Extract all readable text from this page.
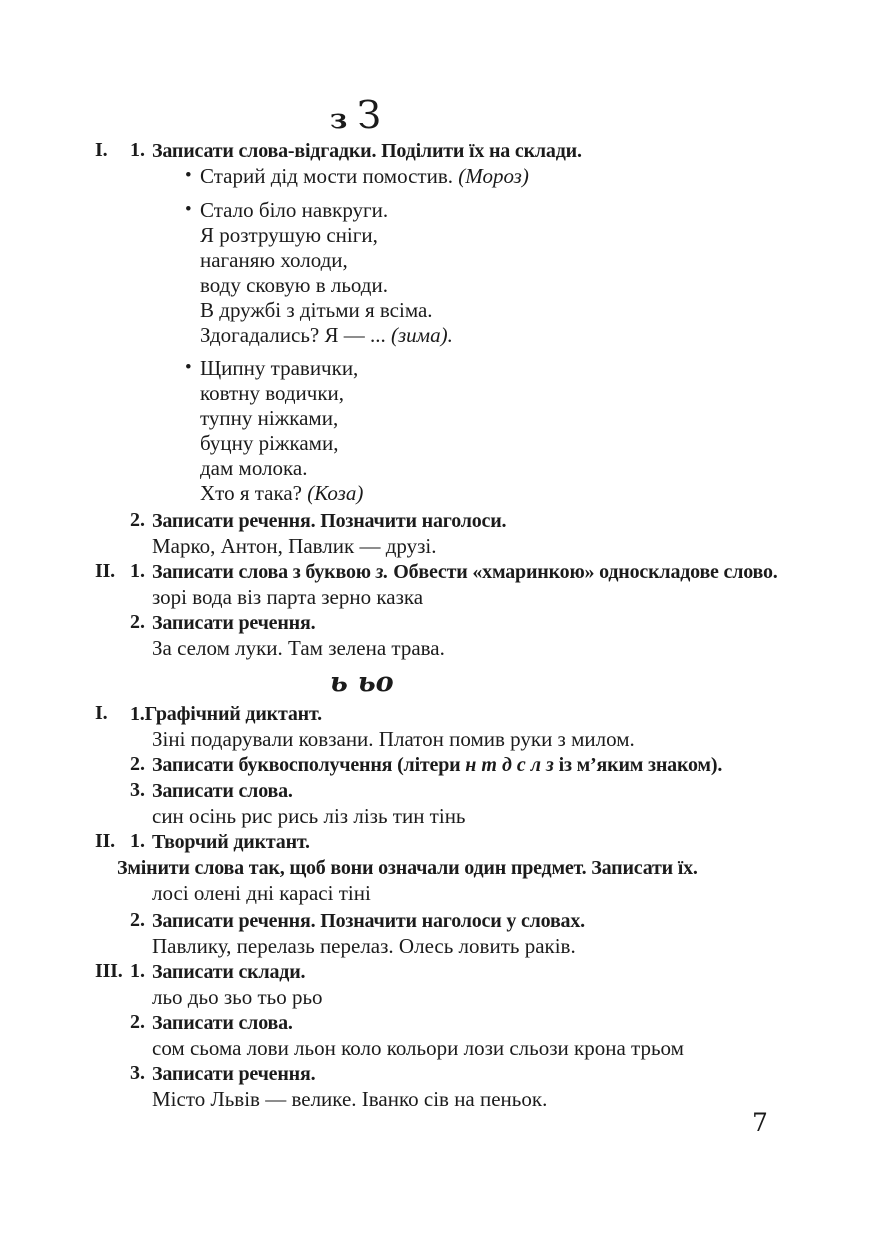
з З
I. 1. Записати слова-відгадки. Поділити їх на склади.
• Старий дід мости помостив. (Мороз)
• Стало біло навкруги.
Я розтрушую сніги,
наганяю холоди,
воду сковую в льоди.
В дружбі з дітьми я всіма.
Здогадались? Я — ... (зима).
• Щипну травички,
ковтну водички,
тупну ніжками,
буцну ріжками,
дам молока.
Хто я така? (Коза)
2. Записати речення. Позначити наголоси.
Марко, Антон, Павлик — друзі.
II. 1. Записати слова з буквою з. Обвести «хмаринкою» односкладове слово.
зорі вода віз парта зерно казка
2. Записати речення.
За селом луки. Там зелена трава.
ь ьо
I.	1.Графічний диктант.
Зіні подарували ковзани. Платон помив руки з милом.
2. Записати буквосполучення (літери н т д с л з із м’яким знаком).
3. Записати слова.
син осінь рис рись ліз лізь тин тінь
II. 1. Творчий диктант.
Змінити слова так, щоб вони означали один предмет. Записати їх.
лосі олені дні карасі тіні
2. Записати речення. Позначити наголоси у словах.
Павлику, перелазь перелаз. Олесь ловить раків.
III. 1. Записати склади.
льо дьо зьо тьо рьо
2. Записати слова.
сом сьома лови льон коло кольори лози сльози крона трьом
3. Записати речення.
Місто Львів — велике. Іванко сів на пеньок.
7
